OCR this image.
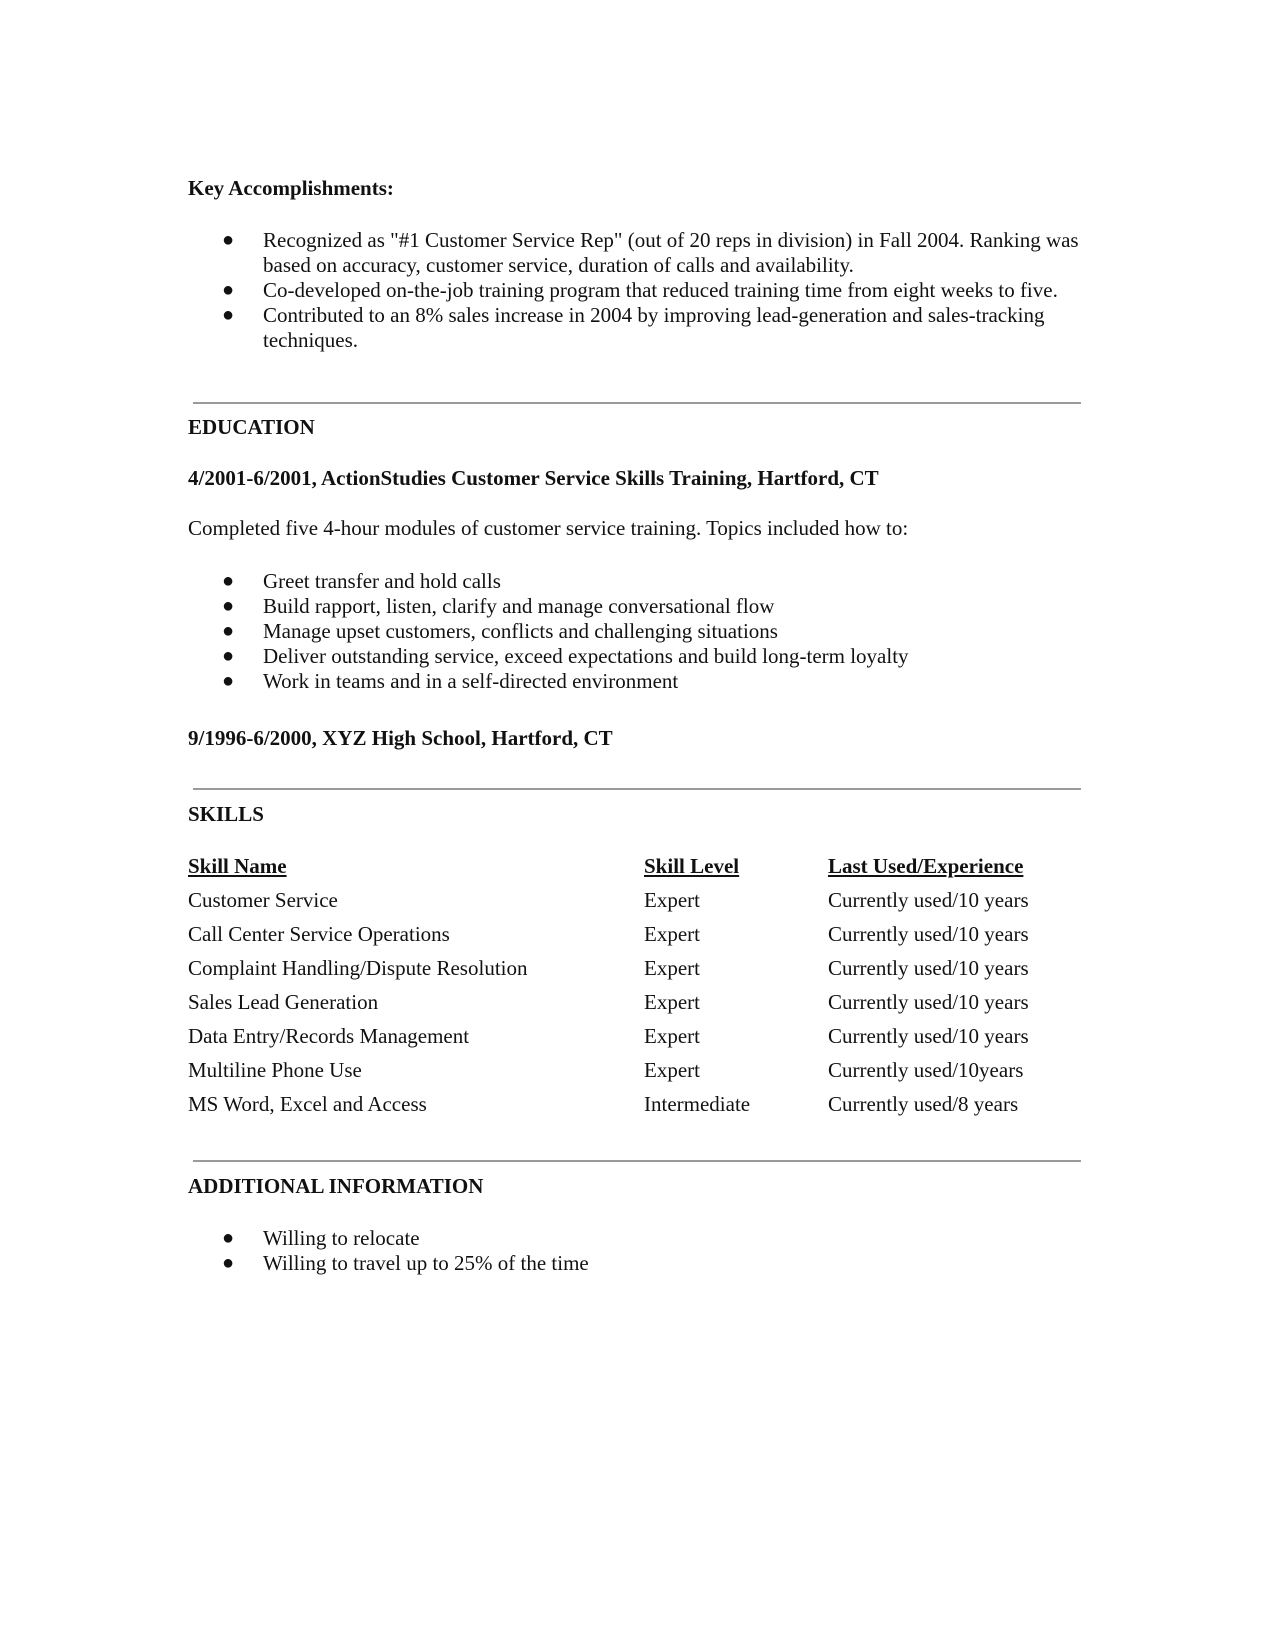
Key Accomplishments:
●	Recognized as "#1 Customer Service Rep" (out of 20 reps in division) in Fall 2004. Ranking was based on accuracy, customer service, duration of calls and availability.
●	Co-developed on-the-job training program that reduced training time from eight weeks to five.
●	Contributed to an 8% sales increase in 2004 by improving lead-generation and sales-tracking techniques.
EDUCATION
4/2001-6/2001, ActionStudies Customer Service Skills Training, Hartford, CT
Completed five 4-hour modules of customer service training. Topics included how to:
●	Greet transfer and hold calls
●	Build rapport, listen, clarify and manage conversational flow
●	Manage upset customers, conflicts and challenging situations
●	Deliver outstanding service, exceed expectations and build long-term loyalty
●	Work in teams and in a self-directed environment
9/1996-6/2000, XYZ High School, Hartford, CT
SKILLS
Skill Name	Skill Level	Last Used/Experience
Customer Service	Expert	Currently used/10 years
Call Center Service Operations	Expert	Currently used/10 years
Complaint Handling/Dispute Resolution	Expert	Currently used/10 years
Sales Lead Generation	Expert	Currently used/10 years
Data Entry/Records Management	Expert	Currently used/10 years
Multiline Phone Use	Expert	Currently used/10years
MS Word, Excel and Access	Intermediate	Currently used/8 years
ADDITIONAL INFORMATION
●	Willing to relocate
●	Willing to travel up to 25% of the time
